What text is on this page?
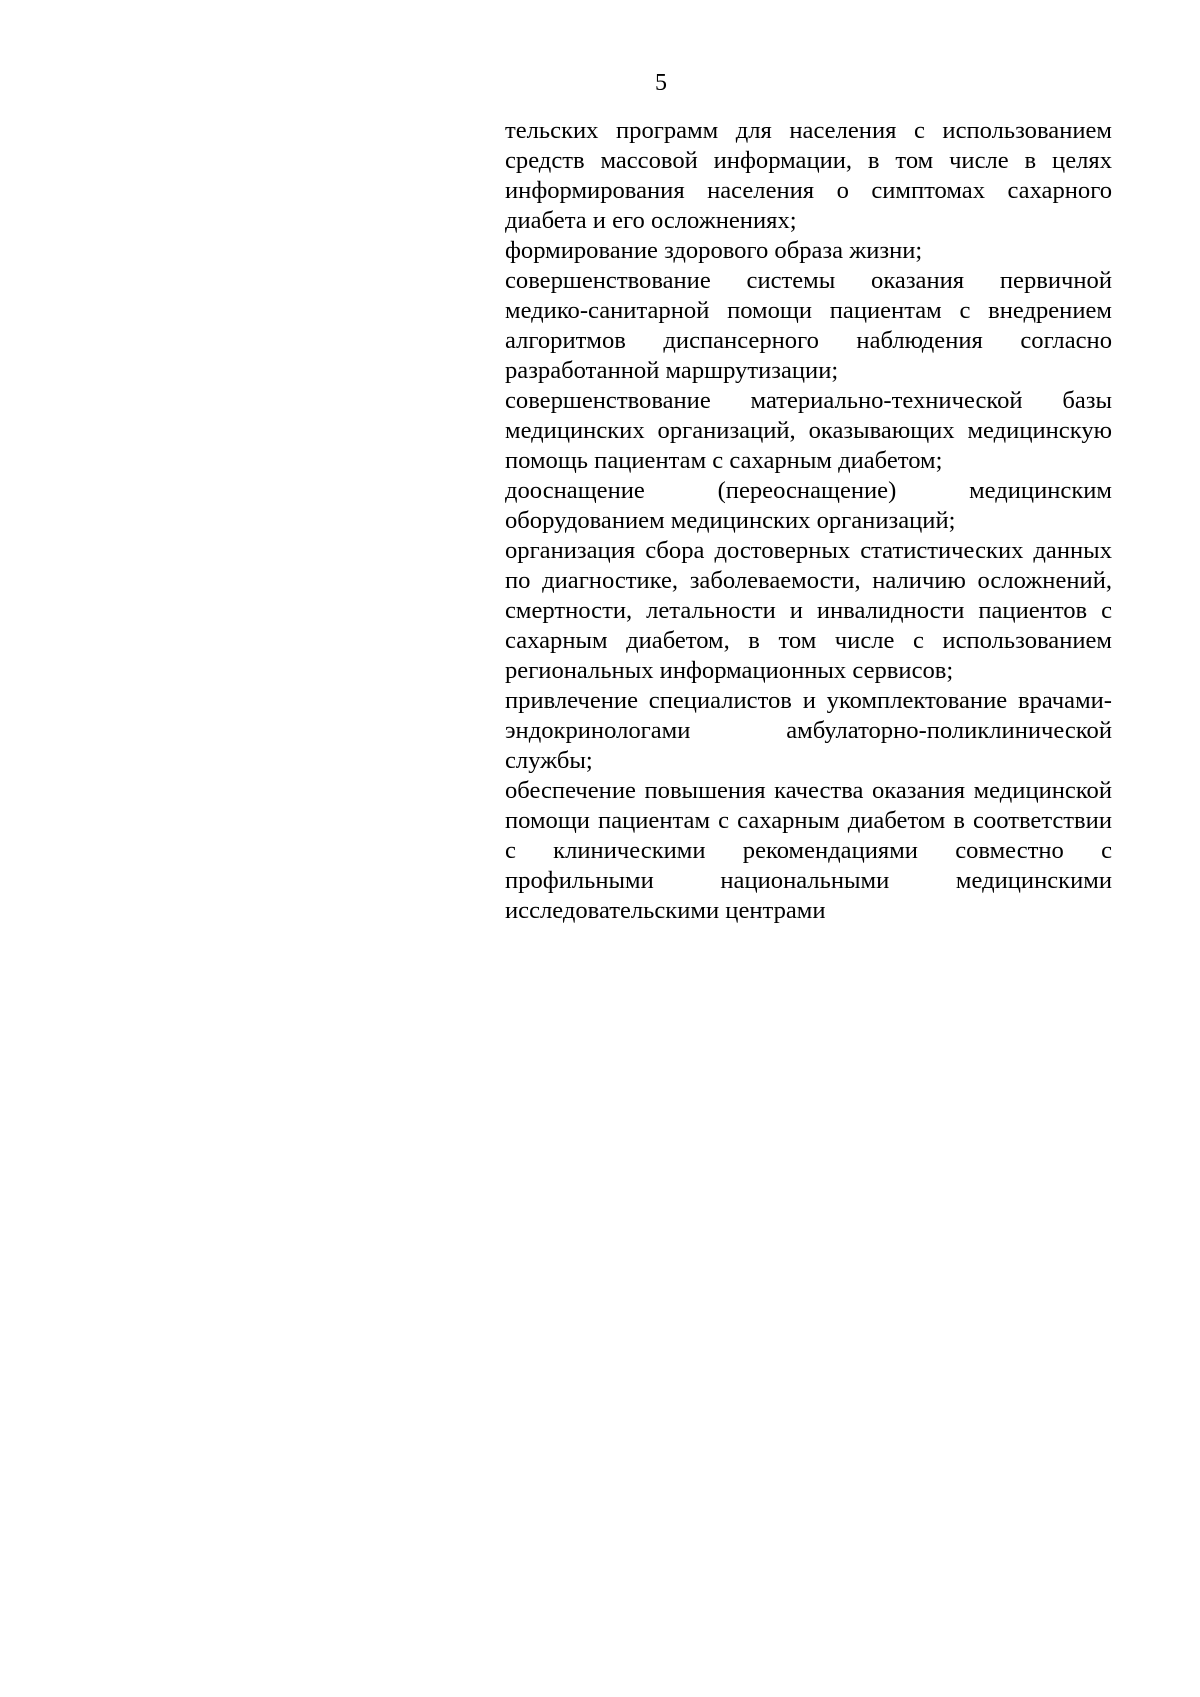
5

тельских программ для населения с использованием средств массовой информации, в том числе в целях информирования населения о симптомах сахарного диабета и его осложнениях;

формирование здорового образа жизни;

совершенствование системы оказания первичной медико-санитарной помощи пациентам с внедрением алгоритмов диспансерного наблюдения согласно разработанной маршрутизации;

совершенствование материально-технической базы медицинских организаций, оказывающих медицинскую помощь пациентам с сахарным диабетом;

дооснащение (переоснащение) медицинским оборудованием медицинских организаций;

организация сбора достоверных статистических данных по диагностике, заболеваемости, наличию осложнений, смертности, летальности и инвалидности пациентов с сахарным диабетом, в том числе с использованием региональных информационных сервисов;

привлечение специалистов и укомплектование врачами-эндокринологами амбулаторно-поликлинической службы;

обеспечение повышения качества оказания медицинской помощи пациентам с сахарным диабетом в соответствии с клиническими рекомендациями совместно с профильными национальными медицинскими исследовательскими центрами
